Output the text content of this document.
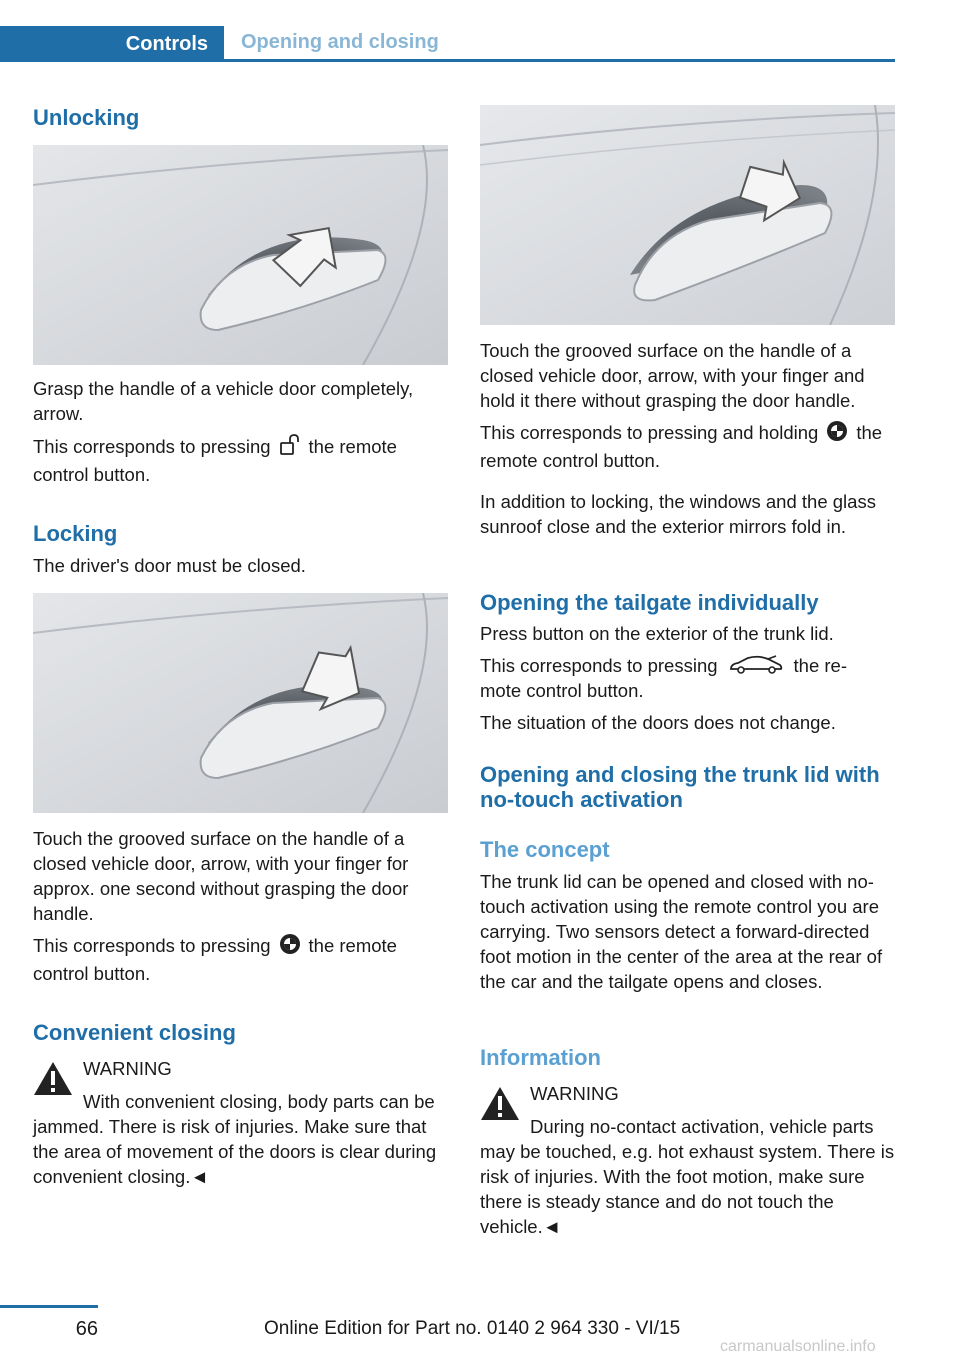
Controls	Opening and closing
Unlocking
Grasp the handle of a vehicle door completely, arrow.
This corresponds to pressing the remote control button.
Locking
The driver's door must be closed.
Touch the grooved surface on the handle of a closed vehicle door, arrow, with your finger for approx. one second without grasping the door handle.
This corresponds to pressing the remote control button.
Convenient closing
WARNING
With convenient closing, body parts can be jammed. There is risk of injuries. Make sure that the area of movement of the doors is clear during convenient closing.◄
Touch the grooved surface on the handle of a closed vehicle door, arrow, with your finger and hold it there without grasping the door handle.
This corresponds to pressing and holding the remote control button.
In addition to locking, the windows and the glass sunroof close and the exterior mirrors fold in.
Opening the tailgate individually
Press button on the exterior of the trunk lid.
This corresponds to pressing	the re-
mote control button.
The situation of the doors does not change.
Opening and closing the trunk lid with
no-touch activation
The concept
The trunk lid can be opened and closed with no-touch activation using the remote control you are carrying. Two sensors detect a forward-directed foot motion in the center of the area at the rear of the car and the tailgate opens and closes.
Information
WARNING
During no-contact activation, vehicle parts may be touched, e.g. hot exhaust system. There is risk of injuries. With the foot motion, make sure there is steady stance and do not touch the vehicle.◄
66	Online Edition for Part no. 0140 2 964 330 - VI/15
carmanualsonline.info
